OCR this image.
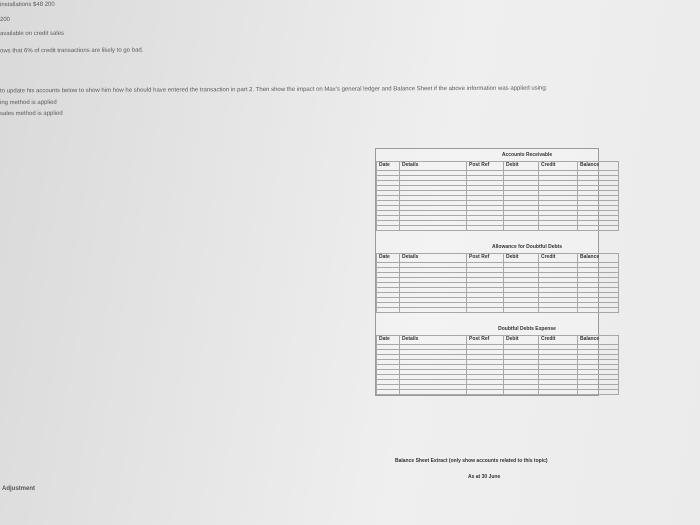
installations $48 200
200
available on credit sales
ows that 6% of credit transactions are likely to go bad.
to update his accounts below to show him how he should have entered the transaction in part 2. Then show the impact on Max's general ledger and Balance Sheet if the above information was applied using:
ing method is applied
sales method is applied
Accounts Receivable
Date	Details	Post Ref	Debit	Credit	Balance

Allowance for Doubtful Debts
Date	Details	Post Ref	Debit	Credit	Balance

Doubtful Debts Expense
Date	Details	Post Ref	Debit	Credit	Balance

Balance Sheet Extract (only show accounts related to this topic)
As at 30 June
Adjustment
